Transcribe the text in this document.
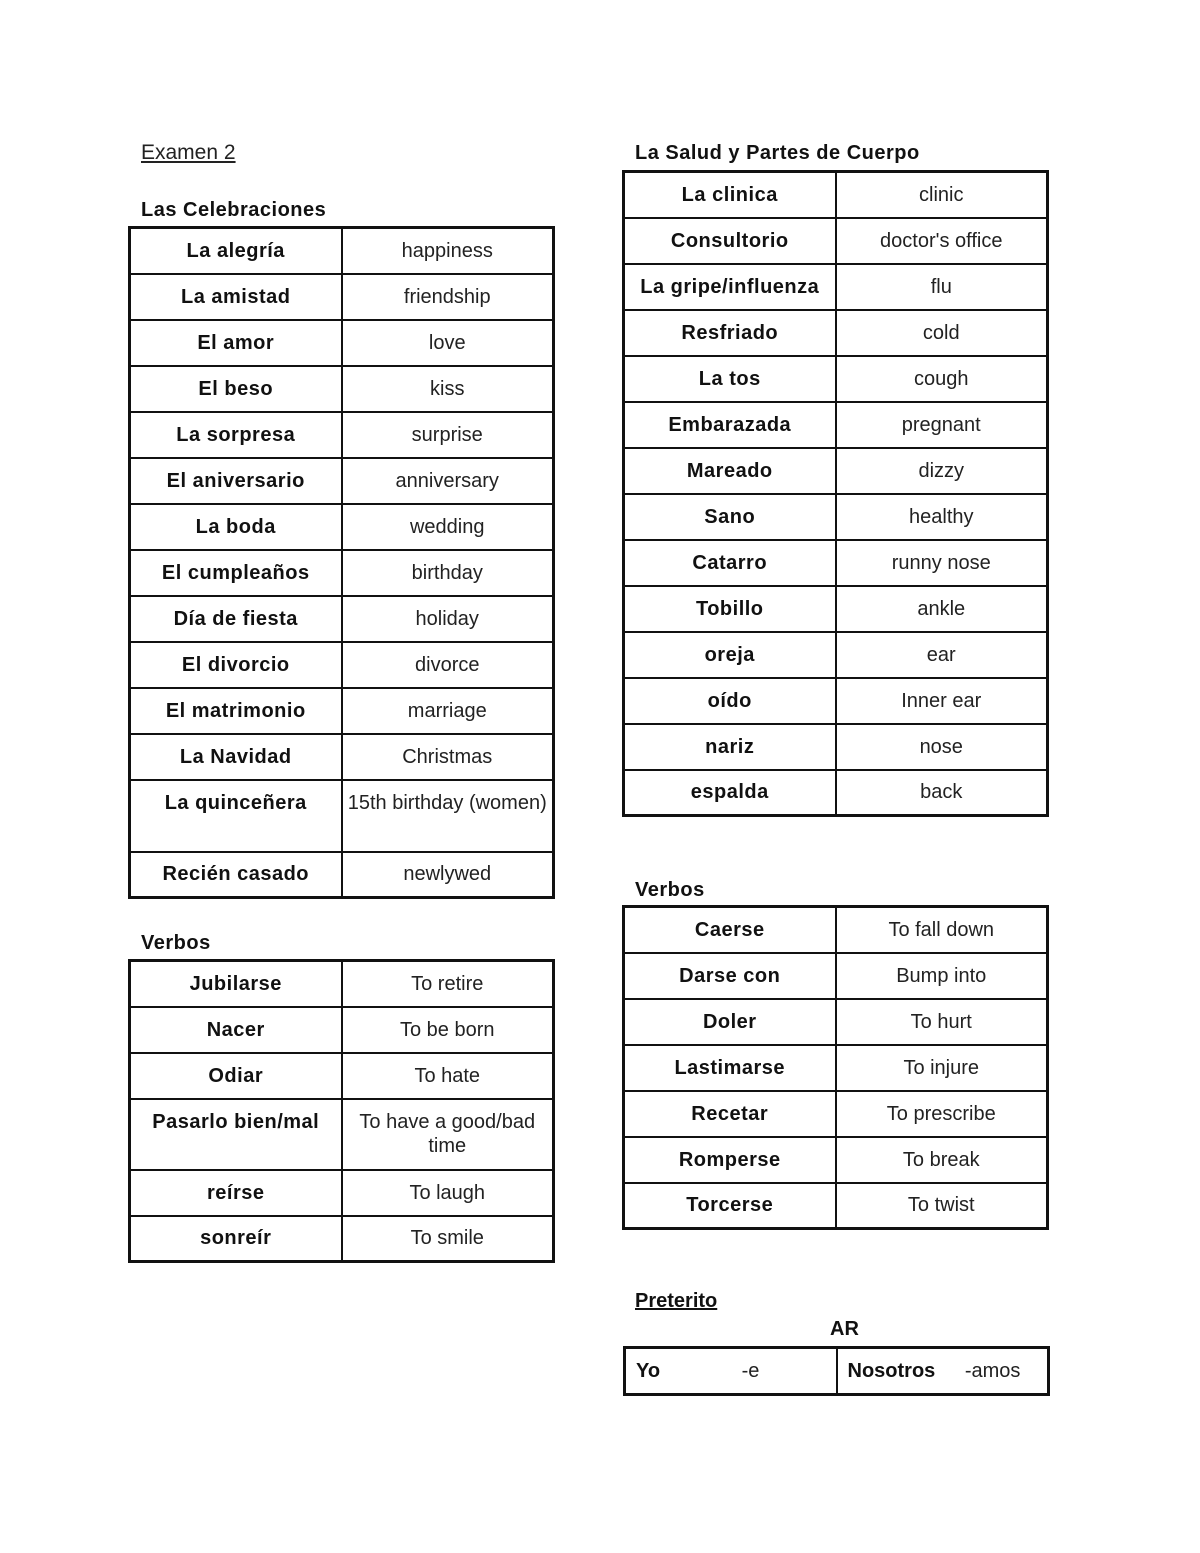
Examen 2
Las Celebraciones
La alegría	happiness
La amistad	friendship
El amor	love
El beso	kiss
La sorpresa	surprise
El aniversario	anniversary
La boda	wedding
El cumpleaños	birthday
Día de fiesta	holiday
El divorcio	divorce
El matrimonio	marriage
La Navidad	Christmas
La quinceñera	15th birthday (women)
Recién casado	newlywed
Verbos
Jubilarse	To retire
Nacer	To be born
Odiar	To hate
Pasarlo bien/mal	To have a good/bad time
reírse	To laugh
sonreír	To smile
La Salud y Partes de Cuerpo
La clinica	clinic
Consultorio	doctor's office
La gripe/influenza	flu
Resfriado	cold
La tos	cough
Embarazada	pregnant
Mareado	dizzy
Sano	healthy
Catarro	runny nose
Tobillo	ankle
oreja	ear
oído	Inner ear
nariz	nose
espalda	back
Verbos
Caerse	To fall down
Darse con	Bump into
Doler	To hurt
Lastimarse	To injure
Recetar	To prescribe
Romperse	To break
Torcerse	To twist
Preterito
AR
Yo	-e	Nosotros -amos
